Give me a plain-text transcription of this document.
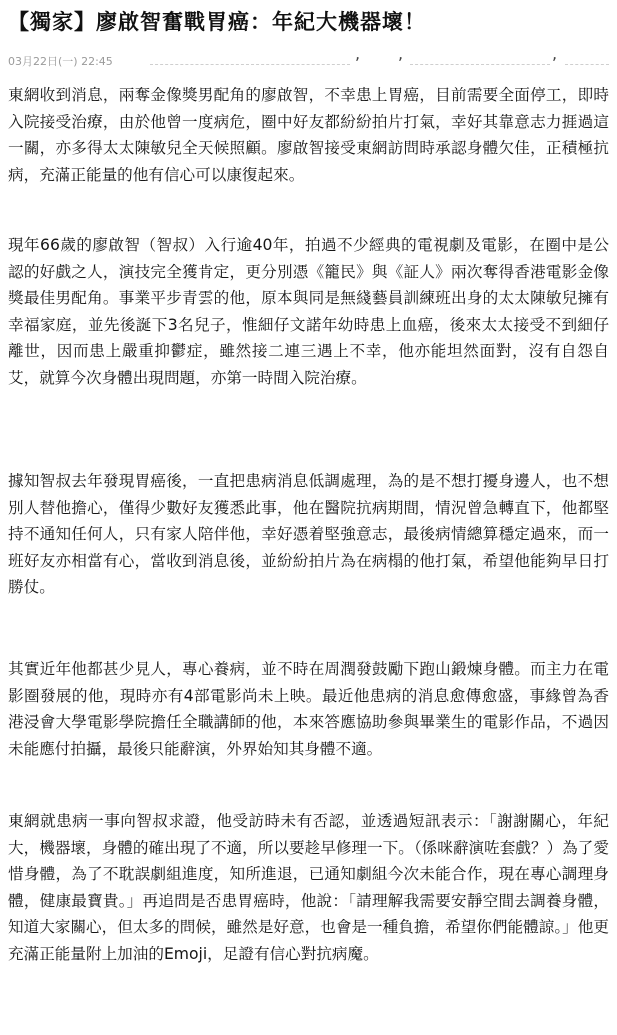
【獨家】廖啟智奮戰胃癌：年紀大機器壞！
03月22日(一) 22:45	, ,	,

東網收到消息，兩奪金像獎男配角的廖啟智，不幸患上胃癌，目前需要全面停工，即時入院接受治療，由於他曾一度病危，圈中好友都紛紛拍片打氣，幸好其靠意志力捱過這一關，亦多得太太陳敏兒全天候照顧。廖啟智接受東網訪問時承認身體欠佳，正積極抗病，充滿正能量的他有信心可以康復起來。

現年66歲的廖啟智（智叔）入行逾40年，拍過不少經典的電視劇及電影，在圈中是公認的好戲之人，演技完全獲肯定，更分別憑《籠民》與《証人》兩次奪得香港電影金像獎最佳男配角。事業平步青雲的他，原本與同是無綫藝員訓練班出身的太太陳敏兒擁有幸福家庭，並先後誕下3名兒子，惟細仔文諾年幼時患上血癌，後來太太接受不到細仔離世，因而患上嚴重抑鬱症，雖然接二連三遇上不幸，他亦能坦然面對，沒有自怨自艾，就算今次身體出現問題，亦第一時間入院治療。

據知智叔去年發現胃癌後，一直把患病消息低調處理，為的是不想打擾身邊人，也不想別人替他擔心，僅得少數好友獲悉此事，他在醫院抗病期間，情況曾急轉直下，他都堅持不通知任何人，只有家人陪伴他，幸好憑着堅強意志，最後病情總算穩定過來，而一班好友亦相當有心，當收到消息後，並紛紛拍片為在病榻的他打氣，希望他能夠早日打勝仗。

其實近年他都甚少見人，專心養病，並不時在周潤發鼓勵下跑山鍛煉身體。而主力在電影圈發展的他，現時亦有4部電影尚未上映。最近他患病的消息愈傳愈盛，事緣曾為香港浸會大學電影學院擔任全職講師的他，本來答應協助參與畢業生的電影作品，不過因未能應付拍攝，最後只能辭演，外界始知其身體不適。

東網就患病一事向智叔求證，他受訪時未有否認，並透過短訊表示：「謝謝關心，年紀大，機器壞，身體的確出現了不適，所以要趁早修理一下。（係咪辭演咗套戲？）為了愛惜身體，為了不耽誤劇組進度，知所進退，已通知劇組今次未能合作，現在專心調理身體，健康最寶貴。」再追問是否患胃癌時，他說：「請理解我需要安靜空間去調養身體，知道大家關心，但太多的問候，雖然是好意，也會是一種負擔，希望你們能體諒。」他更充滿正能量附上加油的Emoji，足證有信心對抗病魔。
